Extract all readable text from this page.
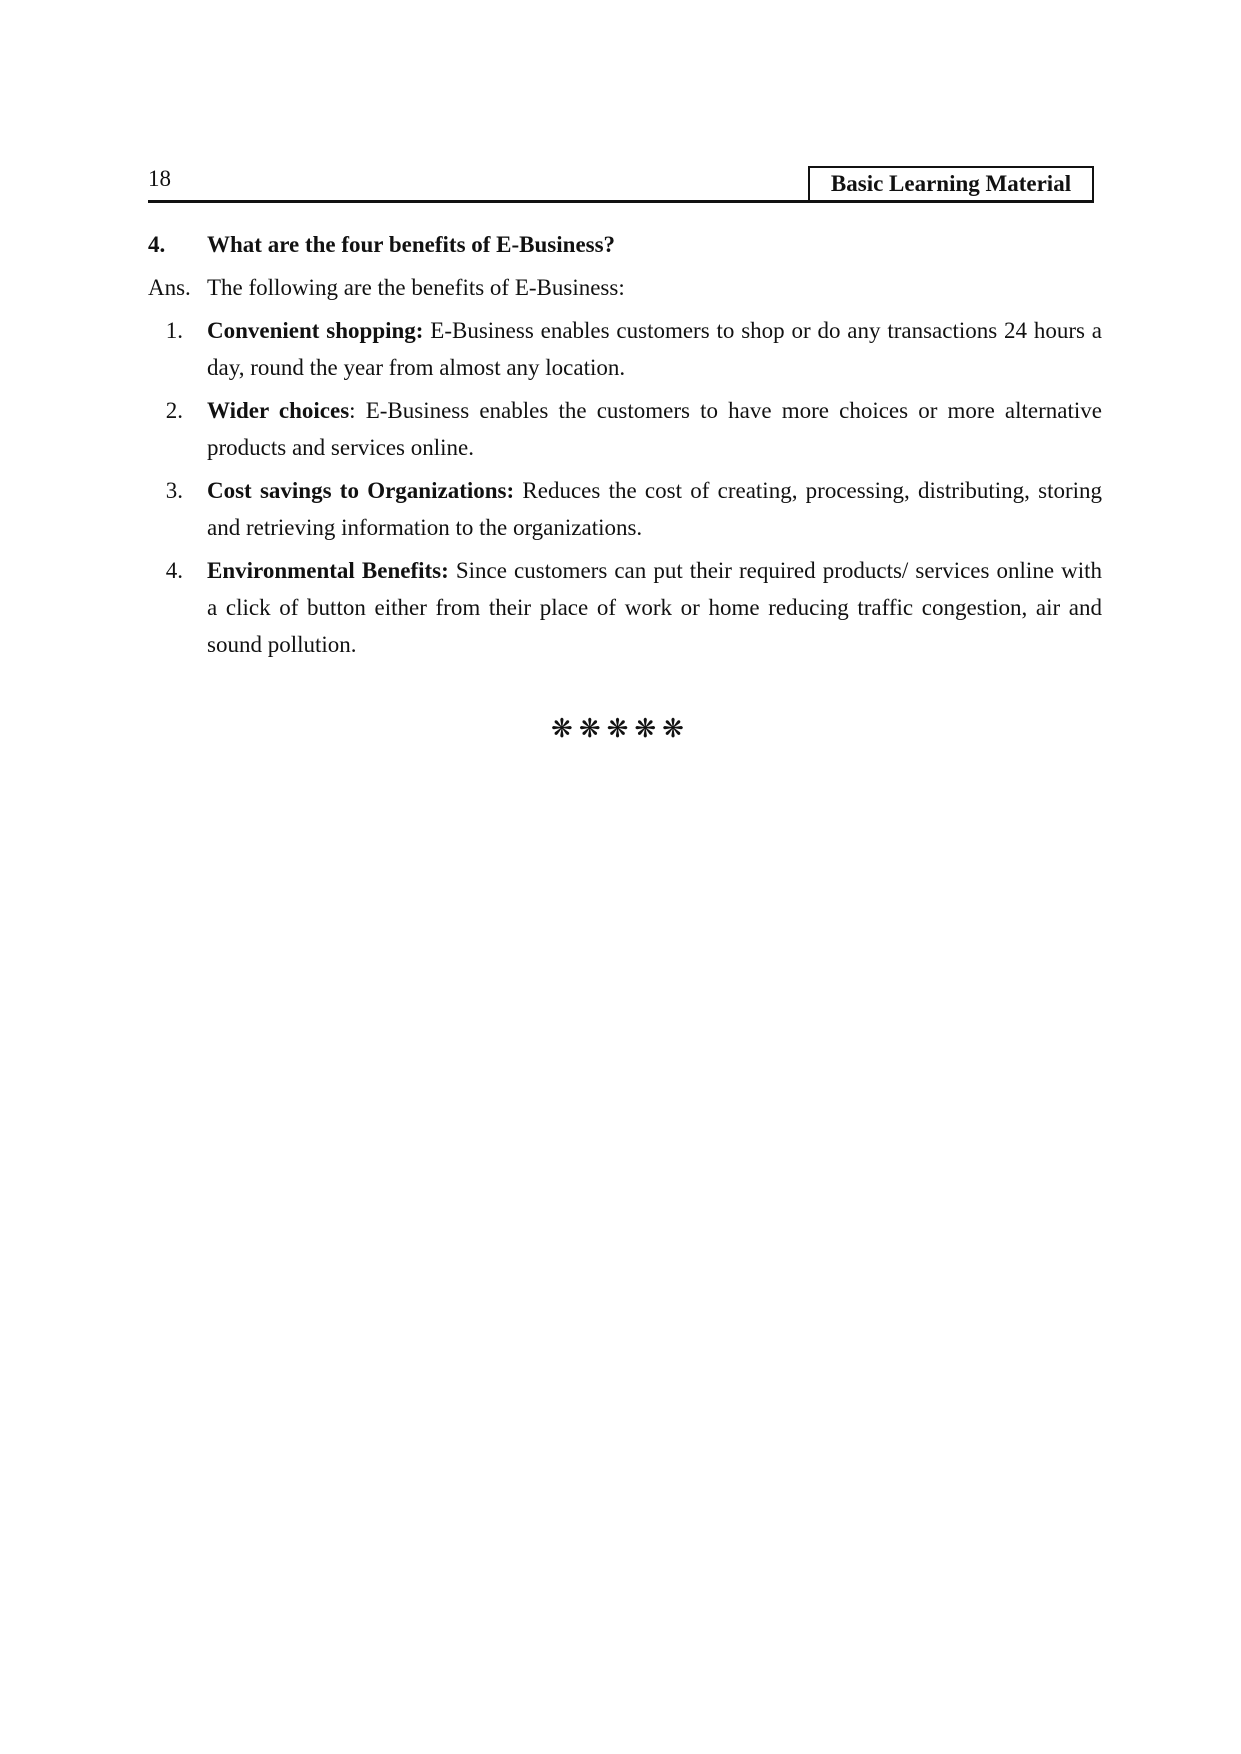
18	Basic Learning Material
4.	What are the four benefits of E-Business?
Ans. The following are the benefits of E-Business:
1.	Convenient shopping: E-Business enables customers to shop or do any transactions 24 hours a day, round the year from almost any location.
2.	Wider choices: E-Business enables the customers to have more choices or more alternative products and services online.
3.	Cost savings to Organizations: Reduces the cost of creating, processing, distributing, storing and retrieving information to the organizations.
4.	Environmental Benefits: Since customers can put their required products/ services online with a click of button either from their place of work or home reducing traffic congestion, air and sound pollution.
❋❋❋❋❋
